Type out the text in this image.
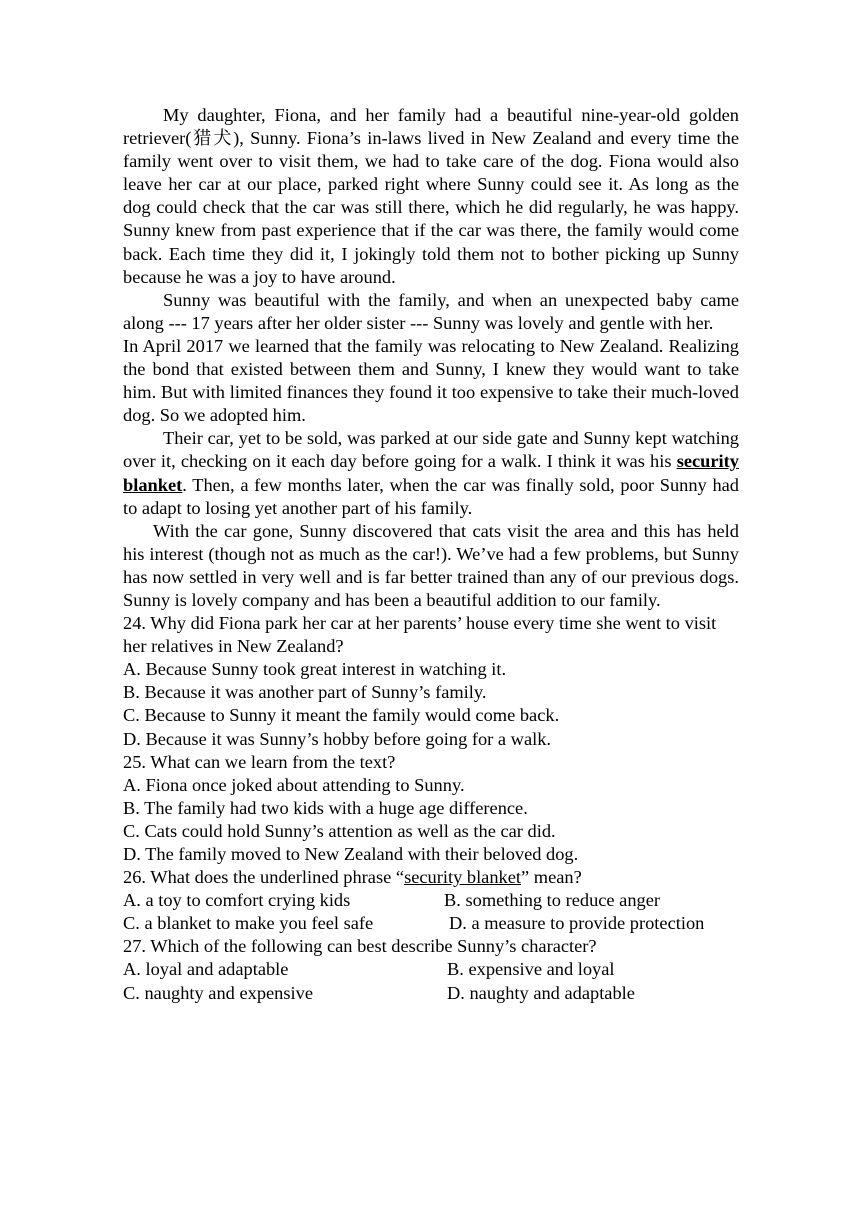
My daughter, Fiona, and her family had a beautiful nine-year-old golden retriever(猎犬), Sunny. Fiona’s in-laws lived in New Zealand and every time the family went over to visit them, we had to take care of the dog. Fiona would also leave her car at our place, parked right where Sunny could see it. As long as the dog could check that the car was still there, which he did regularly, he was happy. Sunny knew from past experience that if the car was there, the family would come back. Each time they did it, I jokingly told them not to bother picking up Sunny because he was a joy to have around.

Sunny was beautiful with the family, and when an unexpected baby came along --- 17 years after her older sister --- Sunny was lovely and gentle with her.

In April 2017 we learned that the family was relocating to New Zealand. Realizing the bond that existed between them and Sunny, I knew they would want to take him. But with limited finances they found it too expensive to take their much-loved dog. So we adopted him.

Their car, yet to be sold, was parked at our side gate and Sunny kept watching over it, checking on it each day before going for a walk. I think it was his security blanket. Then, a few months later, when the car was finally sold, poor Sunny had to adapt to losing yet another part of his family.

With the car gone, Sunny discovered that cats visit the area and this has held his interest (though not as much as the car!). We’ve had a few problems, but Sunny has now settled in very well and is far better trained than any of our previous dogs. Sunny is lovely company and has been a beautiful addition to our family.

24. Why did Fiona park her car at her parents’ house every time she went to visit her relatives in New Zealand?

A. Because Sunny took great interest in watching it.

B. Because it was another part of Sunny’s family.

C. Because to Sunny it meant the family would come back.

D. Because it was Sunny’s hobby before going for a walk.

25. What can we learn from the text?

A. Fiona once joked about attending to Sunny.

B. The family had two kids with a huge age difference.

C. Cats could hold Sunny’s attention as well as the car did.

D. The family moved to New Zealand with their beloved dog.

26. What does the underlined phrase “security blanket” mean?

A. a toy to comfort crying kids	B. something to reduce anger
C. a blanket to make you feel safe	D. a measure to provide protection

27. Which of the following can best describe Sunny’s character?

A. loyal and adaptable	B. expensive and loyal
C. naughty and expensive	D. naughty and adaptable
